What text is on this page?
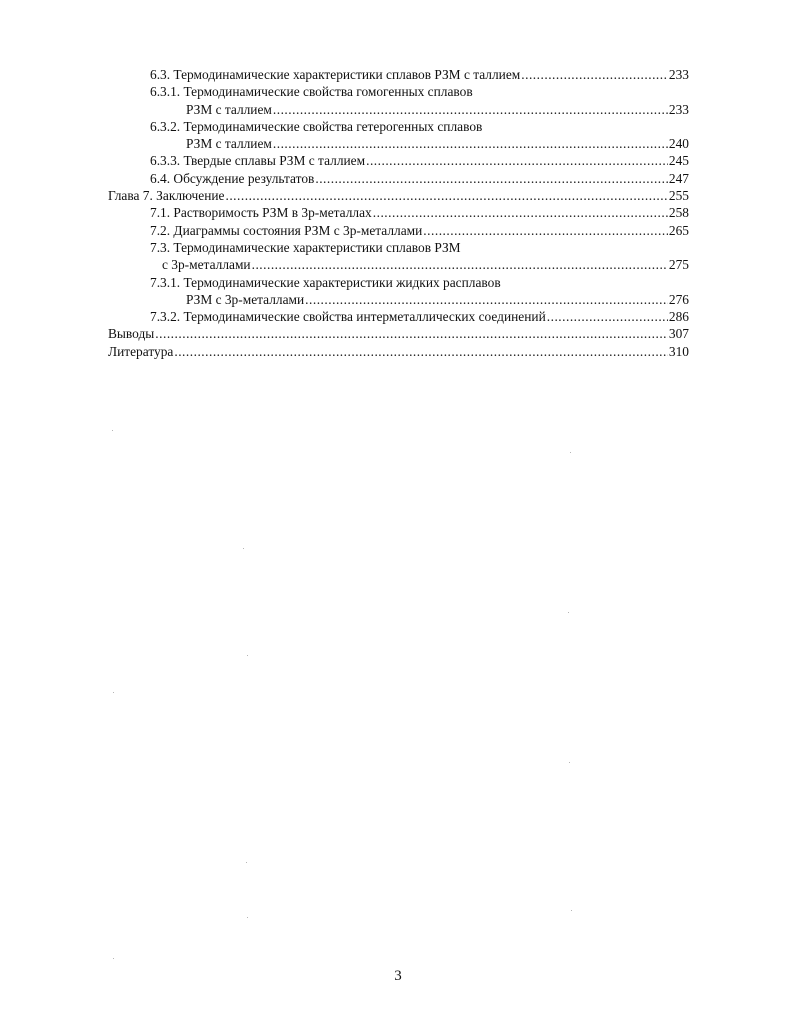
6.3. Термодинамические характеристики сплавов РЗМ с таллием .....	233
6.3.1. Термодинамические свойства гомогенных сплавов
РЗМ с таллием .....	233
6.3.2. Термодинамические свойства гетерогенных сплавов
РЗМ с таллием .....	240
6.3.3. Твердые сплавы РЗМ с таллием .....	245
6.4. Обсуждение результатов .....	247
Глава 7. Заключение .....	255
7.1. Растворимость РЗМ в 3р-металлах .....	258
7.2. Диаграммы состояния РЗМ с 3р-металлами .....	265
7.3. Термодинамические характеристики сплавов РЗМ
с 3р-металлами .....	275
7.3.1. Термодинамические характеристики жидких расплавов
РЗМ с 3р-металлами .....	276
7.3.2. Термодинамические свойства интерметаллических соединений .....	286
Выводы .....	307
Литература .....	310
3
